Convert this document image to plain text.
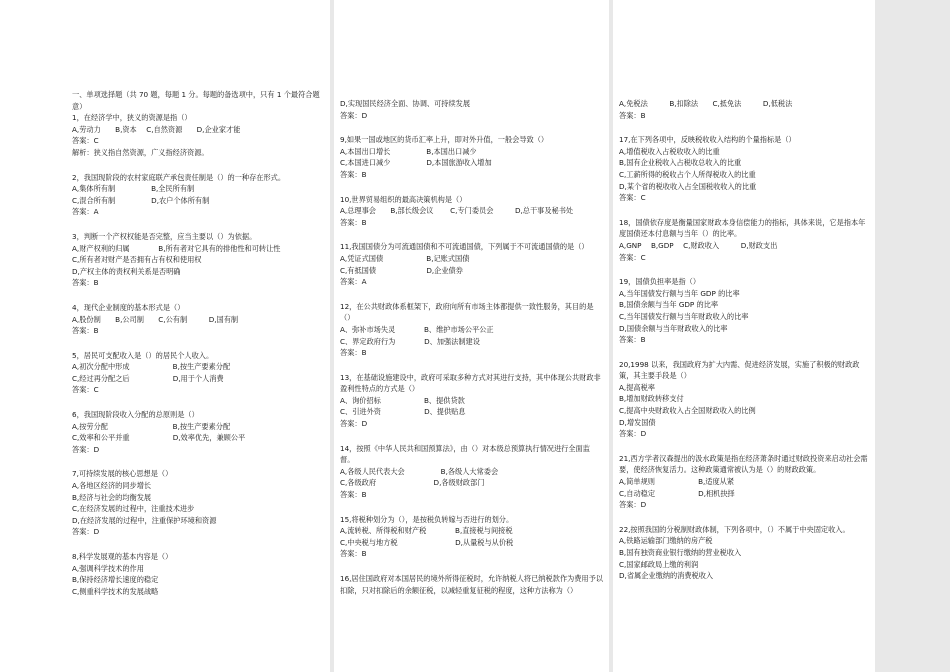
一、单项选择题（共 70 题，每题 1 分。每题的备选项中，只有 1 个最符合题意）
1，在经济学中，狭义的资源是指（）
A,劳动力　　B,资本　 C,自然资源　　D,企业家才能
答案：C
解析：狭义指自然资源，广义指经济资源。
2，我国现阶段的农村家庭联产承包责任制是（）的一种存在形式。
A,集体所有制　　　　　B,全民所有制
C,混合所有制　　　　　D,农户个体所有制
答案：A
3，判断一个产权权能是否完整，应当主要以（）为依据。
A,财产权利的归属　　　　B,所有者对它具有的排他性和可转让性
C,所有者对财产是否拥有占有权和使用权
D,产权主体的责权利关系是否明确
答案：B
4，现代企业制度的基本形式是（）
A,股份制　　B,公司制　　C,公有制　　　D,国有制
答案：B
5，居民可支配收入是（）的居民个人收入。
A,初次分配中形成　　　　　　B,按生产要素分配
C,经过再分配之后　　　　　　D,用于个人消费
答案：C
6，我国现阶段收入分配的总原则是（）
A,按劳分配　　　　　　　　　B,按生产要素分配
C,效率和公平并重　　　　　　D,效率优先，兼顾公平
答案：D
7,可持续发展的核心思想是（）
A,各地区经济的同步增长
B,经济与社会的均衡发展
C,在经济发展的过程中，注重技术进步
D,在经济发展的过程中，注重保护环境和资源
答案：D
8,科学发展观的基本内容是（）
A,强调科学技术的作用
B,保持经济增长速度的稳定
C,侧重科学技术的发展战略
D,实现国民经济全面、协调、可持续发展
答案：D
9,如果一国或地区的货币汇率上升，即对外升值，一般会导致（）
A,本国出口增长　　　　　B,本国出口减少
C,本国进口减少　　　　　D,本国旅游收入增加
答案：B
10,世界贸易组织的最高决策机构是（）
A,总理事会　　B,部长级会议　　 C,专门委员会　　　D,总干事及秘书处
答案：B
11,我国国债分为可流通国债和不可流通国债，下列属于不可流通国债的是（）
A,凭证式国债　　　　　　B,记账式国债
C,有抵国债　　　　　　　D,企业债券
答案：A
12，在公共财政体系框架下，政府向所有市场主体都提供一致性服务，其目的是（）
A、弥补市场失灵　　　　B、维护市场公平公正
C、界定政府行为　　　　D、加强法制建设
答案：B
13，在基础设施建设中，政府可采取多种方式对其进行支持，其中体现公共财政非盈利性特点的方式是（）
A、询价招标　　　　　　B、提供贷款
C、引进外资　　　　　　D、提供贴息
答案：D
14，按照《中华人民共和国预算法》，由（）对本级总预算执行情况进行全面监督。
A,各级人民代表大会　　　　　B,各级人大常委会
C,各级政府　　　　　　　　D,各级财政部门
答案：B
15,将税种划分为（），是按税负转嫁与否进行的划分。
A,流转税、所得税和财产税　　　　B,直接税与间接税
C,中央税与地方税　　　　　　　　D,从量税与从价税
答案：B
16,居住国政府对本国居民的境外所得征税时，允许纳税人将已纳税款作为费用予以扣除，只对扣除后的余额征税，以减轻重复征税的程度，这种方法称为（）
A,免税法　　　B,扣除法　　C,抵免法　　　D,低税法
答案：B
17,在下列各项中，反映税收收入结构的个量指标是（）
A,增值税收入占税收收入的比重
B,国有企业税收入占税收总收入的比重
C,工薪所得的税收占个人所得税收入的比重
D,某个省的税收收入占全国税收收入的比重
答案：C
18，国债依存度是衡量国家财政本身信偿能力的指标，具体来说，它是指本年度国债还本付息额与当年（）的比率。
A,GNP　 B,GDP　 C,财政收入　　　D,财政支出
答案：C
19，国债负担率是指（）
A,当年国债发行额与当年 GDP 的比率
B,国债余额与当年 GDP 的比率
C,当年国债发行额与当年财政收入的比率
D,国债余额与当年财政收入的比率
答案：B
20,1998 以来，我国政府为扩大内需、促进经济发展，实施了积极的财政政策，其主要手段是（）
A,提高税率
B,增加财政转移支付
C,提高中央财政收入占全国财政收入的比例
D,增发国债
答案：D
21,西方学者汉森提出的汲水政策是指在经济萧条时通过财政投资来启动社会需要，使经济恢复活力。这种政策通常被认为是（）的财政政策。
A,简单规则　　　　　　B,适度从紧
C,自动稳定　　　　　　D,相机抉择
答案：D
22,按照我国的分税制财政体制，下列各项中，（）不属于中央固定收入。
A,铁路运输部门缴纳的房产税
B,国有独资商业银行缴纳的营业税收入
C,国家邮政局上缴的利润
D,省属企业缴纳的消费税收入
